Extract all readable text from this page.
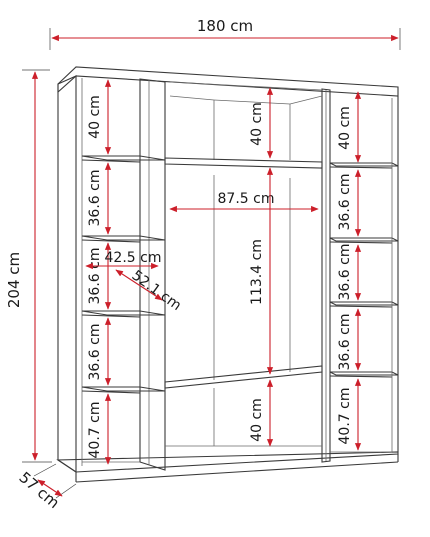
180 cm
204 cm
57 cm
40 cm
36.6 cm
36.6 cm
36.6 cm
40.7 cm
42.5 cm
52.1 cm
40 cm
87.5 cm
113.4 cm
40 cm
40 cm
36.6 cm
36.6 cm
36.6 cm
40.7 cm
